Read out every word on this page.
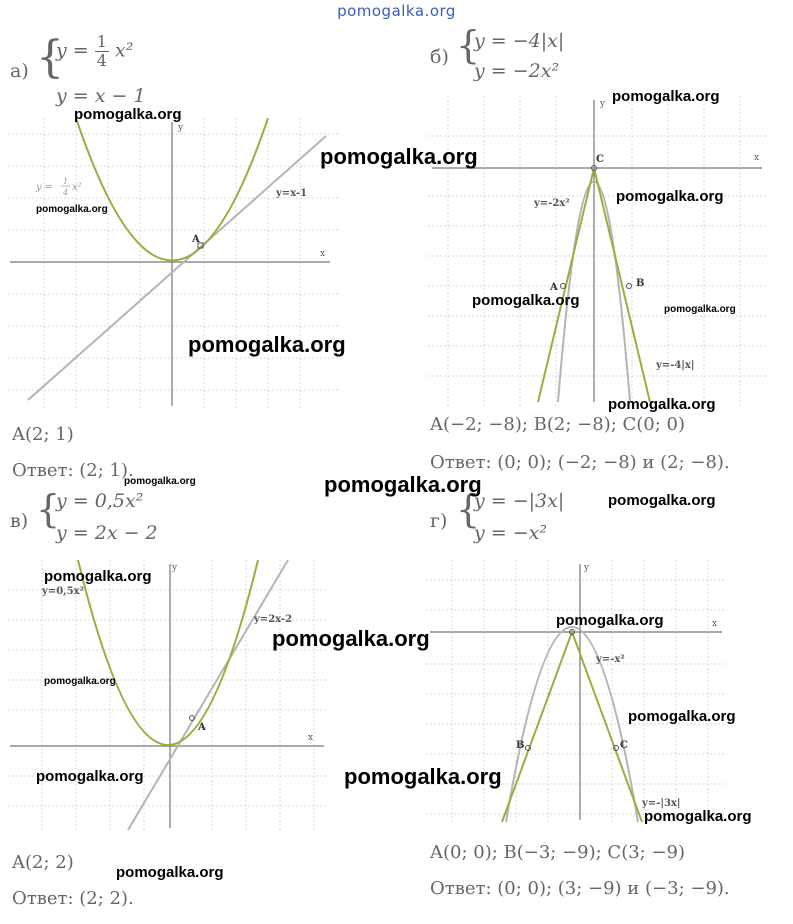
pomogalka.org
а) {
$y = \frac{1}{4} x^2$
y = x − 1
x
y
A
y=x-1
y =
1
4 x²
A(2; 1)
Ответ: (2; 1).
б) {
y = −4|x|
y = −2x²
x
y
C
A	B
y=-2x²
y=-4|x|
A(−2; −8); B(2; −8); C(0; 0)
Ответ: (0; 0); (−2; −8) и (2; −8).
в) {
y = 0,5x²
y = 2x − 2
x
y
A
y=0,5x²
y=2x-2
A(2; 2)
Ответ: (2; 2).
г) {
y = −|3x|
y = −x²
x
y
B	C
y=-x²
y=-|3x|
A(0; 0); B(−3; −9); C(3; −9)
Ответ: (0; 0); (3; −9) и (−3; −9).
pomogalka.org
pomogalka.org
pomogalka.org
pomogalka.org
pomogalka.org
pomogalka.org
pomogalka.org
pomogalka.org
pomogalka.org
pomogalka.org	pomogalka.org
pomogalka.org
pomogalka.org
pomogalka.org
pomogalka.org
pomogalka.org
pomogalka.org
pomogalka.org	pomogalka.org
pomogalka.org
pomogalka.org
